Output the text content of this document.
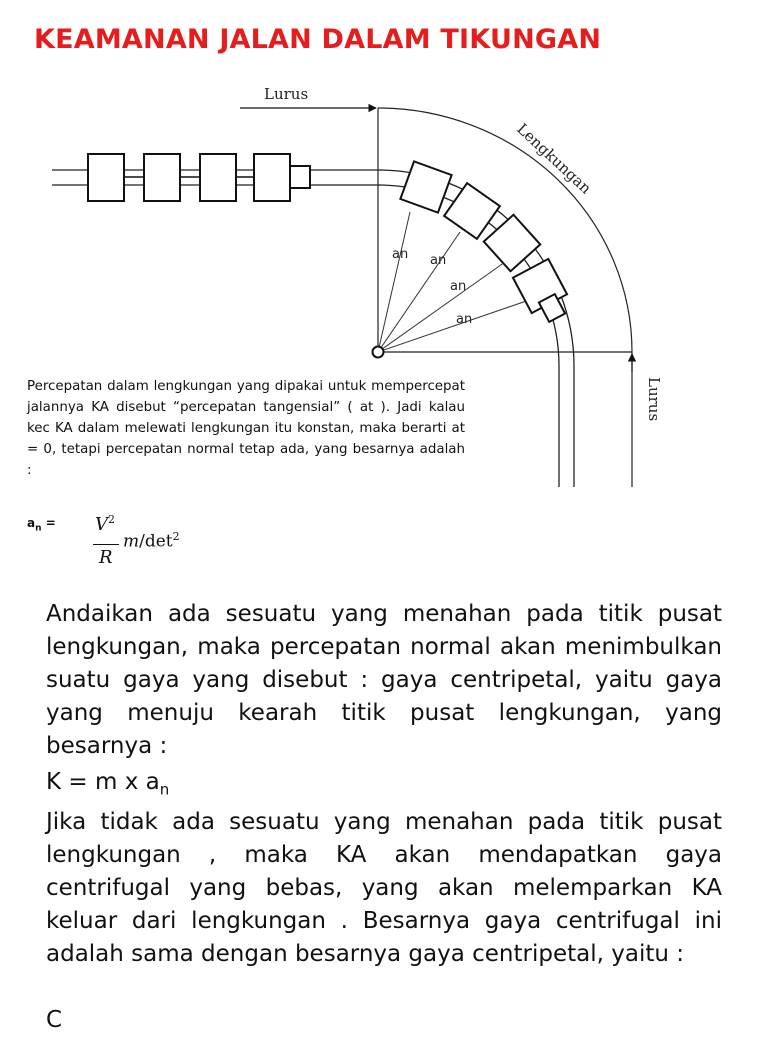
KEAMANAN JALAN DALAM TIKUNGAN
Lurus
Lengkungan
Lurus
an an
an
an

Percepatan dalam lengkungan yang dipakai untuk mempercepat jalannya KA disebut “percepatan tangensial” ( at ). Jadi kalau kec KA dalam melewati lengkungan itu konstan, maka berarti at = 0, tetapi percepatan normal tetap ada, yang besarnya adalah :

$a_n = V^2$
R
$m/\det^2$

Andaikan ada sesuatu yang menahan pada titik pusat lengkungan, maka percepatan normal akan menimbulkan suatu gaya yang disebut : gaya centripetal, yaitu gaya yang menuju kearah titik pusat lengkungan, yang besarnya :

K = m x $a_n$

Jika tidak ada sesuatu yang menahan pada titik pusat lengkungan , maka KA akan mendapatkan gaya centrifugal yang bebas, yang akan melemparkan KA keluar dari lengkungan . Besarnya gaya centrifugal ini adalah sama dengan besarnya gaya centripetal, yaitu :

C
